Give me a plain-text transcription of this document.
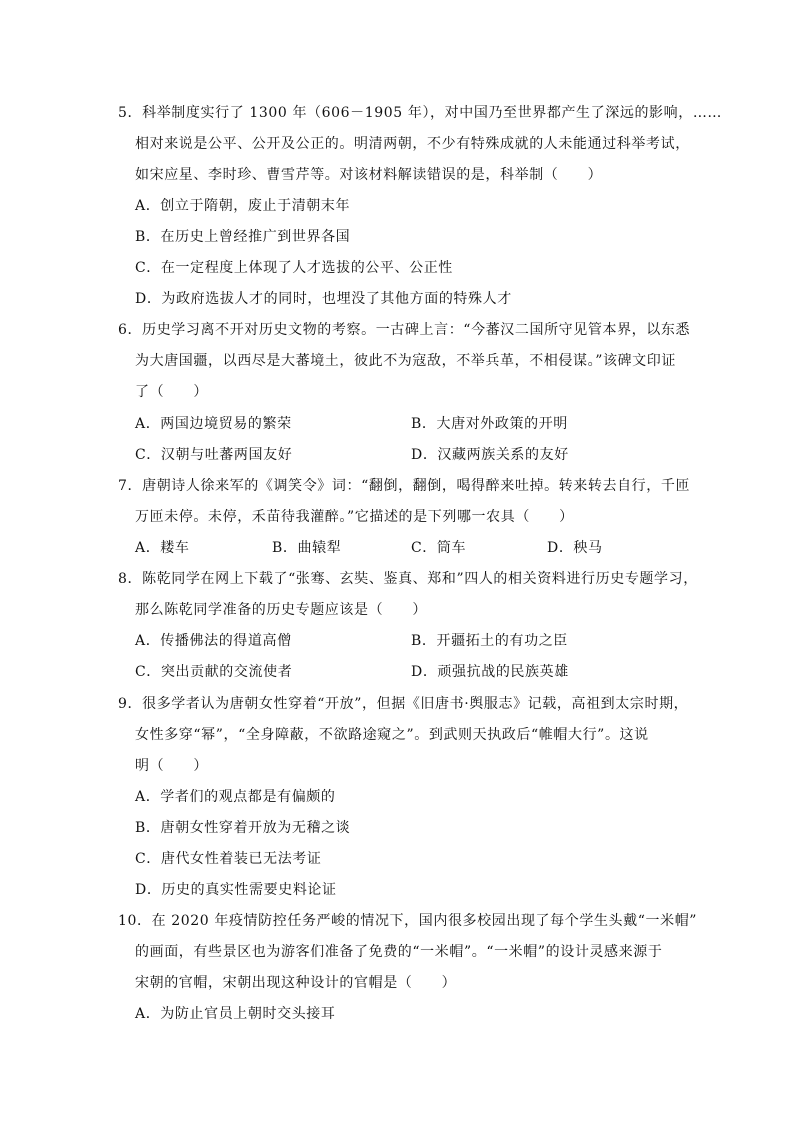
5．科举制度实行了 1300 年（606－1905 年），对中国乃至世界都产生了深远的影响，……
相对来说是公平、公开及公正的。明清两朝，不少有特殊成就的人未能通过科举考试，
如宋应星、李时珍、曹雪芹等。对该材料解读错误的是，科举制（　　）
A．创立于隋朝，废止于清朝末年
B．在历史上曾经推广到世界各国
C．在一定程度上体现了人才选拔的公平、公正性
D．为政府选拔人才的同时，也埋没了其他方面的特殊人才
6．历史学习离不开对历史文物的考察。一古碑上言：“今蕃汉二国所守见管本界，以东悉
为大唐国疆，以西尽是大蕃境土，彼此不为寇敌，不举兵革，不相侵谋。”该碑文印证
了（　　）
A．两国边境贸易的繁荣	B．大唐对外政策的开明
C．汉朝与吐蕃两国友好	D．汉藏两族关系的友好
7．唐朝诗人徐来军的《调笑令》词：“翻倒，翻倒，喝得醉来吐掉。转来转去自行，千匝
万匝未停。未停，禾苗待我灌醉。”它描述的是下列哪一农具（　　）
A．耧车	B．曲辕犁	C．筒车	D．秧马
8．陈乾同学在网上下载了“张骞、玄奘、鉴真、郑和”四人的相关资料进行历史专题学习，
那么陈乾同学准备的历史专题应该是（　　）
A．传播佛法的得道高僧	B．开疆拓土的有功之臣
C．突出贡献的交流使者	D．顽强抗战的民族英雄
9．很多学者认为唐朝女性穿着“开放”，但据《旧唐书·舆服志》记载，高祖到太宗时期，
女性多穿“幂”，“全身障蔽，不欲路途窥之”。到武则天执政后“帷帽大行”。这说
明（　　）
A．学者们的观点都是有偏颇的
B．唐朝女性穿着开放为无稽之谈
C．唐代女性着装已无法考证
D．历史的真实性需要史料论证
10．在 2020 年疫情防控任务严峻的情况下，国内很多校园出现了每个学生头戴“一米帽”
的画面，有些景区也为游客们准备了免费的“一米帽”。“一米帽”的设计灵感来源于
宋朝的官帽，宋朝出现这种设计的官帽是（　　）
A．为防止官员上朝时交头接耳
